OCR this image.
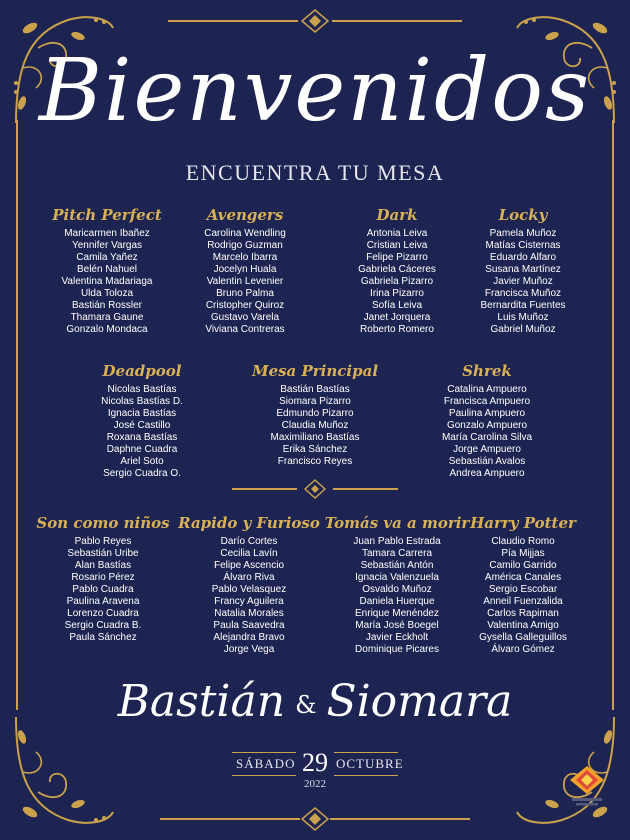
Bienvenidos
ENCUENTRA TU MESA
Pitch Perfect
Maricarmen Ibañez
Yennifer Vargas
Camila Yañez
Belén Nahuel
Valentina Madariaga
Ulda Toloza
Bastián Rossler
Thamara Gaune
Gonzalo Mondaca
Avengers
Carolina Wendling
Rodrigo Guzman
Marcelo Ibarra
Jocelyn Huala
Valentin Levenier
Bruno Palma
Cristopher Quiroz
Gustavo Varela
Viviana Contreras
Dark
Antonia Leiva
Cristian Leiva
Felipe Pizarro
Gabriela Cáceres
Gabriela Pizarro
Irina Pizarro
Sofía Leiva
Janet Jorquera
Roberto Romero
Locky
Pamela Muñoz
Matías Cisternas
Eduardo Alfaro
Susana Martínez
Javier Muñoz
Francisca Muñoz
Bernardita Fuentes
Luis Muñoz
Gabriel Muñoz
Deadpool
Nicolas Bastías
Nicolas Bastías D.
Ignacia Bastías
José Castillo
Roxana Bastías
Daphne Cuadra
Ariel Soto
Sergio Cuadra O.
Mesa Principal
Bastián Bastías
Siomara Pizarro
Edmundo Pizarro
Claudia Muñoz
Maximiliano Bastías
Erika Sánchez
Francisco Reyes
Shrek
Catalina Ampuero
Francisca Ampuero
Paulina Ampuero
Gonzalo Ampuero
María Carolina Silva
Jorge Ampuero
Sebastián Avalos
Andrea Ampuero
Son como niños
Pablo Reyes
Sebastián Uribe
Alan Bastías
Rosario Pérez
Pablo Cuadra
Paulina Aravena
Lorenzo Cuadra
Sergio Cuadra B.
Paula Sánchez
Rapido y Furioso
Darío Cortes
Cecilia Lavín
Felipe Ascencio
Álvaro Riva
Pablo Velasquez
Francy Aguilera
Natalia Morales
Paula Saavedra
Alejandra Bravo
Jorge Vega
Tomás va a morir
Juan Pablo Estrada
Tamara Carrera
Sebastián Antón
Ignacia Valenzuela
Osvaldo Muñoz
Daniela Huerque
Enrique Menéndez
María José Boegel
Javier Eckholt
Dominique Picares
Harry Potter
Claudio Romo
Pía Mijjas
Camilo Garrido
América Canales
Sergio Escobar
Anneil Fuenzalida
Carlos Rapiman
Valentina Amigo
Gysella Galleguillos
Álvaro Gómez
Bastián & Siomara
SÁBADO 29 OCTUBRE
2022
